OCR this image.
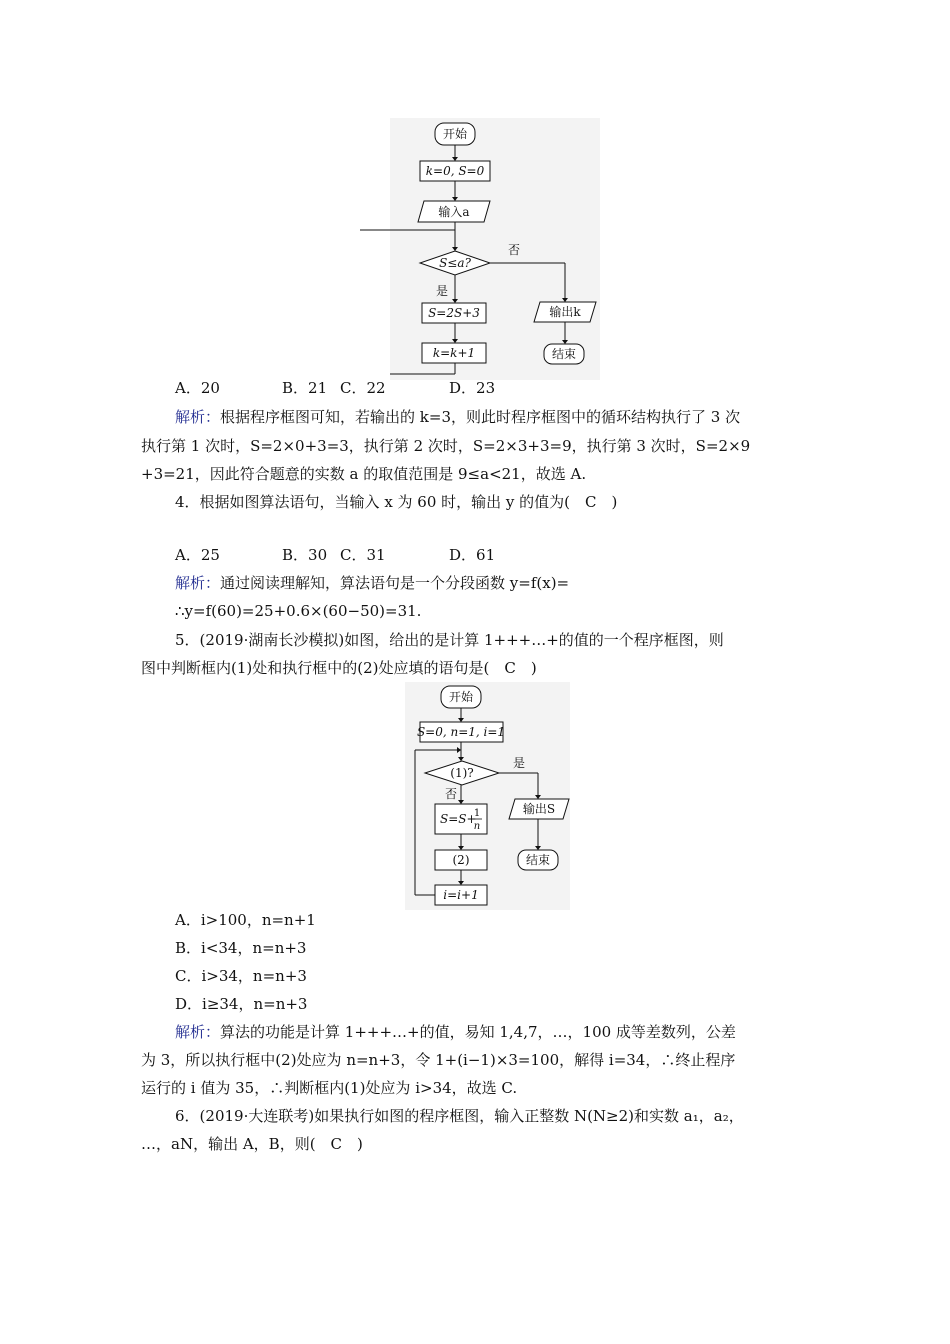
开始
k=0, S=0
输入a
S≤a?
否
是
S=2S+3
k=k+1
输出k
结束
A．20	B．21 C．22	D．23
解析：根据程序框图可知，若输出的 k=3，则此时程序框图中的循环结构执行了 3 次
执行第 1 次时，S=2×0+3=3，执行第 2 次时，S=2×3+3=9，执行第 3 次时，S=2×9
+3=21，因此符合题意的实数 a 的取值范围是 9≤a<21，故选 A.
4．根据如图算法语句，当输入 x 为 60 时，输出 y 的值为(　C　)
A．25	B．30 C．31	D．61
解析：通过阅读理解知，算法语句是一个分段函数 y=f(x)=
∴y=f(60)=25+0.6×(60−50)=31.
5．(2019·湖南长沙模拟)如图，给出的是计算 1+++…+的值的一个程序框图，则
图中判断框内(1)处和执行框中的(2)处应填的语句是(　C　)
开始
S=0, n=1, i=1
(1)?
是
否
S=S+
1
n
(2)
i=i+1
输出S
结束
A．i>100，n=n+1
B．i<34，n=n+3
C．i>34，n=n+3
D．i≥34，n=n+3
解析：算法的功能是计算 1+++…+的值，易知 1,4,7，…，100 成等差数列，公差
为 3，所以执行框中(2)处应为 n=n+3，令 1+(i−1)×3=100，解得 i=34，∴终止程序
运行的 i 值为 35，∴判断框内(1)处应为 i>34，故选 C.
6．(2019·大连联考)如果执行如图的程序框图，输入正整数 N(N≥2)和实数 a₁，a₂，
…，aN，输出 A，B，则(　C　)
